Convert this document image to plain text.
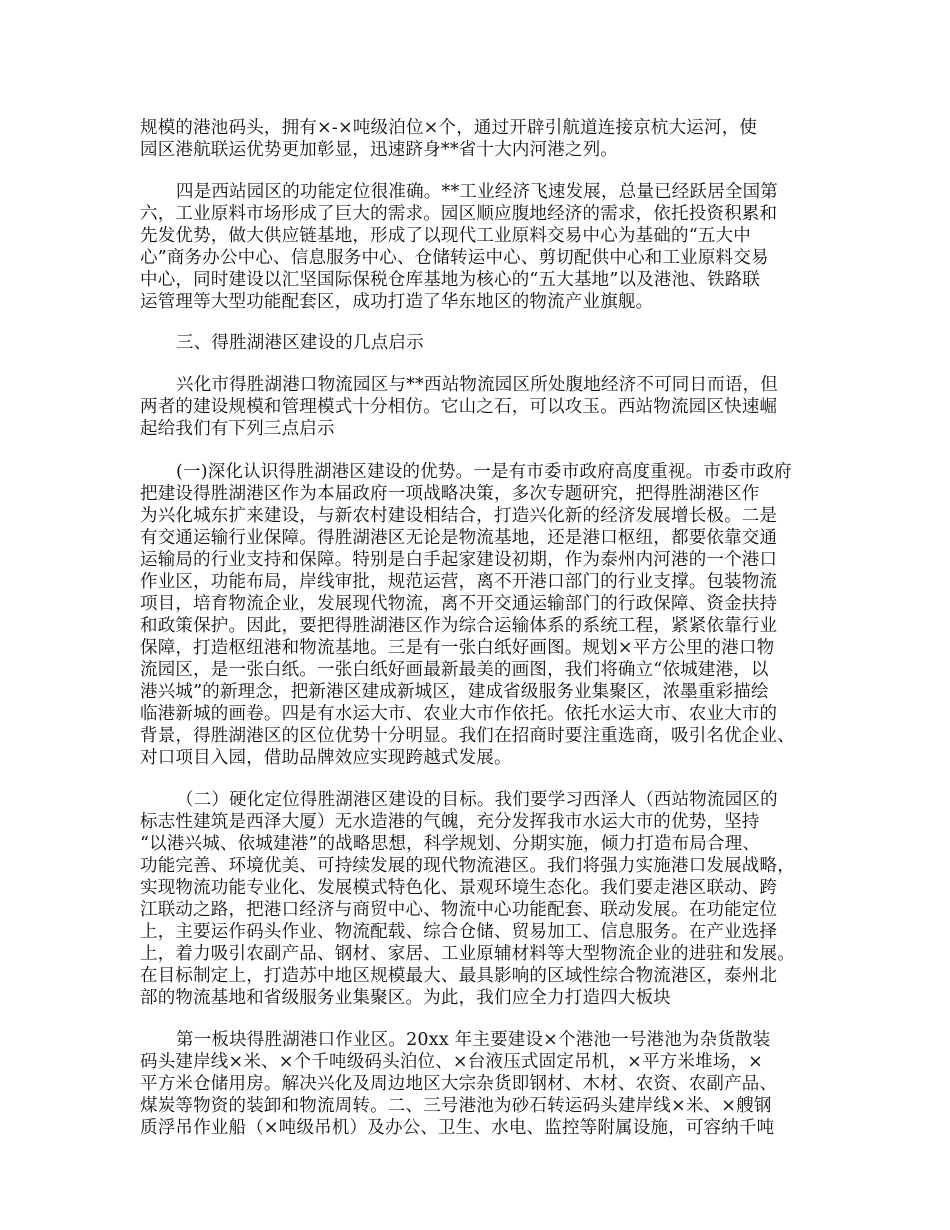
规模的港池码头，拥有×-×吨级泊位×个，通过开辟引航道连接京杭大运河，使
园区港航联运优势更加彰显，迅速跻身**省十大内河港之列。
四是西站园区的功能定位很准确。**工业经济飞速发展，总量已经跃居全国第
六，工业原料市场形成了巨大的需求。园区顺应腹地经济的需求，依托投资积累和
先发优势，做大供应链基地，形成了以现代工业原料交易中心为基础的“五大中
心”商务办公中心、信息服务中心、仓储转运中心、剪切配供中心和工业原料交易
中心，同时建设以汇坚国际保税仓库基地为核心的“五大基地”以及港池、铁路联
运管理等大型功能配套区，成功打造了华东地区的物流产业旗舰。
三、得胜湖港区建设的几点启示
兴化市得胜湖港口物流园区与**西站物流园区所处腹地经济不可同日而语，但
两者的建设规模和管理模式十分相仿。它山之石，可以攻玉。西站物流园区快速崛
起给我们有下列三点启示
(一)深化认识得胜湖港区建设的优势。一是有市委市政府高度重视。市委市政府
把建设得胜湖港区作为本届政府一项战略决策，多次专题研究，把得胜湖港区作
为兴化城东扩来建设，与新农村建设相结合，打造兴化新的经济发展增长极。二是
有交通运输行业保障。得胜湖港区无论是物流基地，还是港口枢纽，都要依靠交通
运输局的行业支持和保障。特别是白手起家建设初期，作为泰州内河港的一个港口
作业区，功能布局，岸线审批，规范运营，离不开港口部门的行业支撑。包装物流
项目，培育物流企业，发展现代物流，离不开交通运输部门的行政保障、资金扶持
和政策保护。因此，要把得胜湖港区作为综合运输体系的系统工程，紧紧依靠行业
保障，打造枢纽港和物流基地。三是有一张白纸好画图。规划×平方公里的港口物
流园区，是一张白纸。一张白纸好画最新最美的画图，我们将确立“依城建港，以
港兴城”的新理念，把新港区建成新城区，建成省级服务业集聚区，浓墨重彩描绘
临港新城的画卷。四是有水运大市、农业大市作依托。依托水运大市、农业大市的
背景，得胜湖港区的区位优势十分明显。我们在招商时要注重选商，吸引名优企业、
对口项目入园，借助品牌效应实现跨越式发展。
（二）硬化定位得胜湖港区建设的目标。我们要学习西泽人（西站物流园区的
标志性建筑是西泽大厦）无水造港的气魄，充分发挥我市水运大市的优势，坚持
“以港兴城、依城建港”的战略思想，科学规划、分期实施，倾力打造布局合理、
功能完善、环境优美、可持续发展的现代物流港区。我们将强力实施港口发展战略，
实现物流功能专业化、发展模式特色化、景观环境生态化。我们要走港区联动、跨
江联动之路，把港口经济与商贸中心、物流中心功能配套、联动发展。在功能定位
上，主要运作码头作业、物流配载、综合仓储、贸易加工、信息服务。在产业选择
上，着力吸引农副产品、钢材、家居、工业原辅材料等大型物流企业的进驻和发展。
在目标制定上，打造苏中地区规模最大、最具影响的区域性综合物流港区，泰州北
部的物流基地和省级服务业集聚区。为此，我们应全力打造四大板块
第一板块得胜湖港口作业区。20xx 年主要建设×个港池一号港池为杂货散装
码头建岸线×米、×个千吨级码头泊位、×台液压式固定吊机，×平方米堆场，×
平方米仓储用房。解决兴化及周边地区大宗杂货即钢材、木材、农资、农副产品、
煤炭等物资的装卸和物流周转。二、三号港池为砂石转运码头建岸线×米、×艘钢
质浮吊作业船（×吨级吊机）及办公、卫生、水电、监控等附属设施，可容纳千吨
